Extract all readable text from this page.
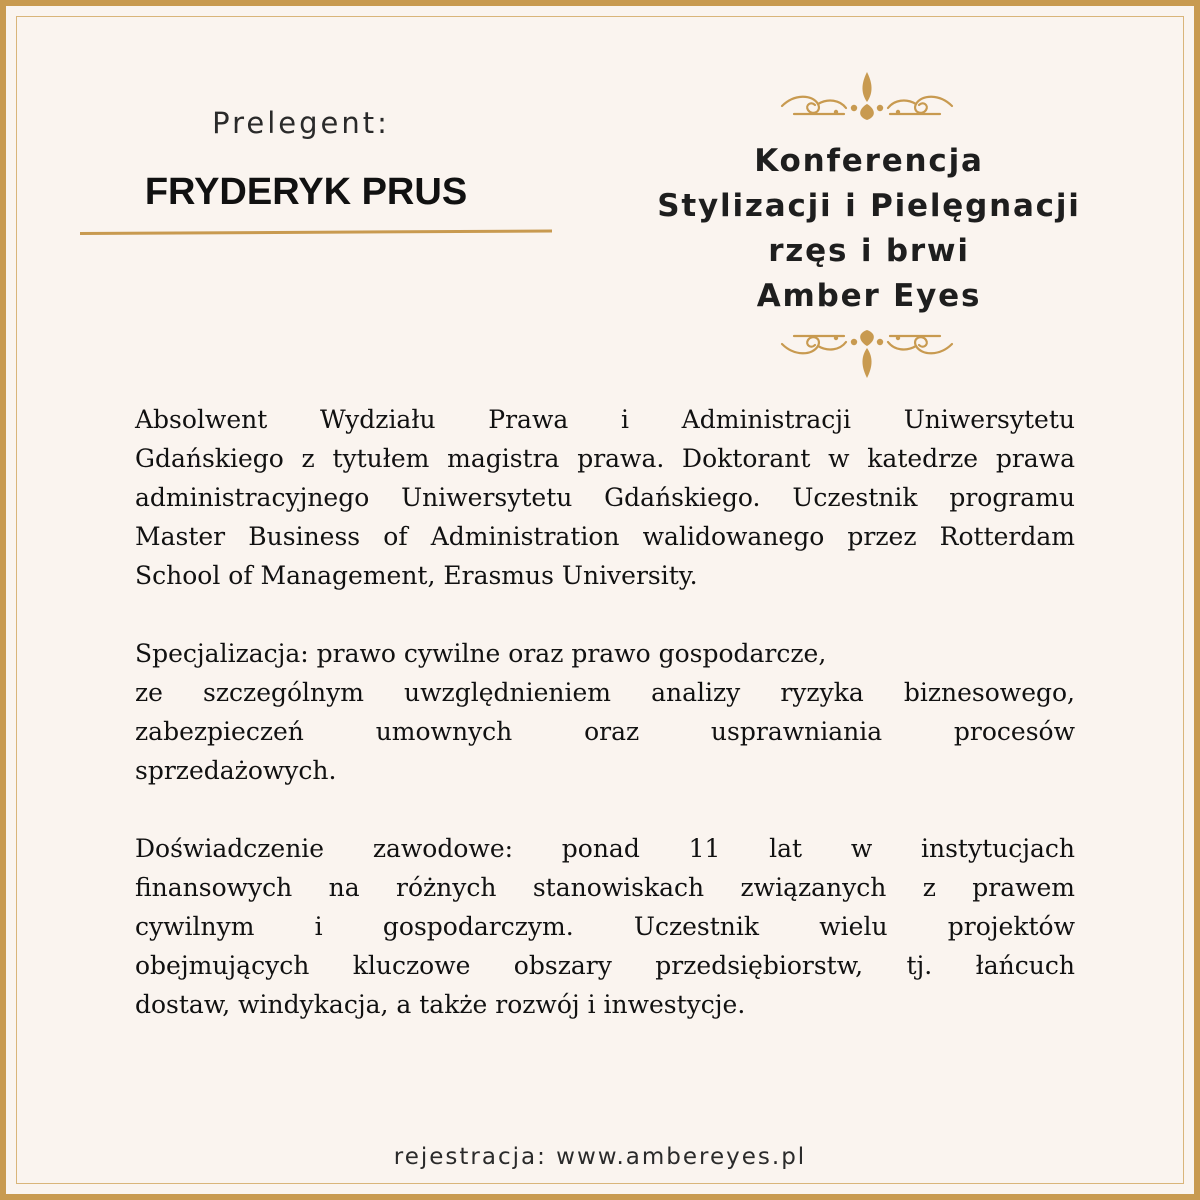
Prelegent:
FRYDERYK PRUS
Konferencja
Stylizacji i Pielęgnacji
rzęs i brwi
Amber Eyes
Absolwent Wydziału Prawa i Administracji Uniwersytetu
Gdańskiego z tytułem magistra prawa. Doktorant w katedrze prawa
administracyjnego Uniwersytetu Gdańskiego. Uczestnik programu
Master Business of Administration walidowanego przez Rotterdam
School of Management, Erasmus University.
Specjalizacja: prawo cywilne oraz prawo gospodarcze,
ze szczególnym uwzględnieniem analizy ryzyka biznesowego,
zabezpieczeń umownych oraz usprawniania procesów
sprzedażowych.
Doświadczenie zawodowe: ponad 11 lat w instytucjach
finansowych na różnych stanowiskach związanych z prawem
cywilnym i gospodarczym. Uczestnik wielu projektów
obejmujących kluczowe obszary przedsiębiorstw, tj. łańcuch
dostaw, windykacja, a także rozwój i inwestycje.
rejestracja: www.ambereyes.pl
